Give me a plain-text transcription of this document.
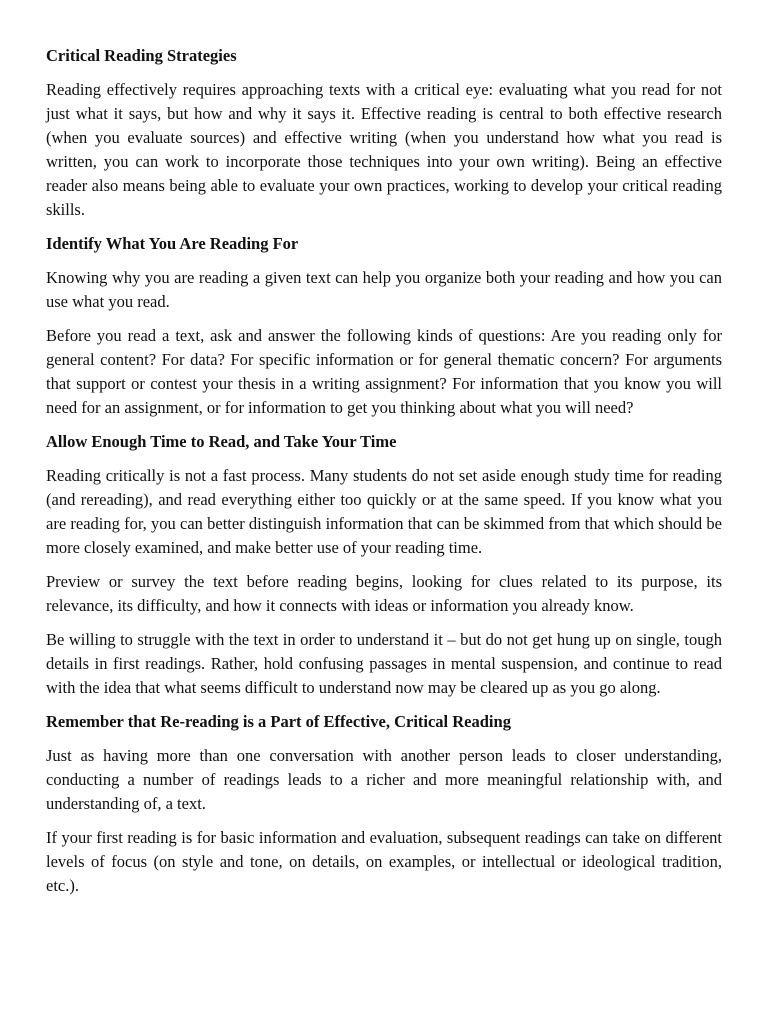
Critical Reading Strategies
Reading effectively requires approaching texts with a critical eye: evaluating what you read for not just what it says, but how and why it says it. Effective reading is central to both effective research (when you evaluate sources) and effective writing (when you understand how what you read is written, you can work to incorporate those techniques into your own writing). Being an effective reader also means being able to evaluate your own practices, working to develop your critical reading skills.
Identify What You Are Reading For
Knowing why you are reading a given text can help you organize both your reading and how you can use what you read.
Before you read a text, ask and answer the following kinds of questions: Are you reading only for general content? For data? For specific information or for general thematic concern? For arguments that support or contest your thesis in a writing assignment? For information that you know you will need for an assignment, or for information to get you thinking about what you will need?
Allow Enough Time to Read, and Take Your Time
Reading critically is not a fast process. Many students do not set aside enough study time for reading (and rereading), and read everything either too quickly or at the same speed. If you know what you are reading for, you can better distinguish information that can be skimmed from that which should be more closely examined, and make better use of your reading time.
Preview or survey the text before reading begins, looking for clues related to its purpose, its relevance, its difficulty, and how it connects with ideas or information you already know.
Be willing to struggle with the text in order to understand it – but do not get hung up on single, tough details in first readings. Rather, hold confusing passages in mental suspension, and continue to read with the idea that what seems difficult to understand now may be cleared up as you go along.
Remember that Re-reading is a Part of Effective, Critical Reading
Just as having more than one conversation with another person leads to closer understanding, conducting a number of readings leads to a richer and more meaningful relationship with, and understanding of, a text.
If your first reading is for basic information and evaluation, subsequent readings can take on different levels of focus (on style and tone, on details, on examples, or intellectual or ideological tradition, etc.).
